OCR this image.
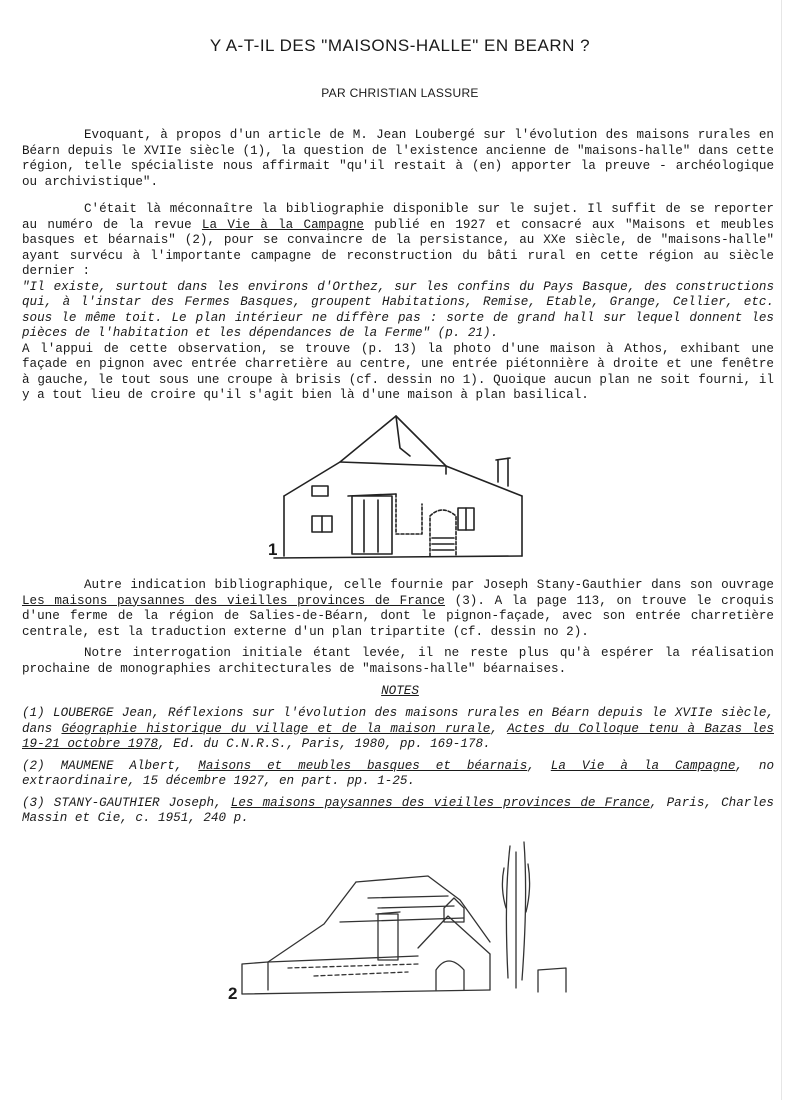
Y A-T-IL DES "MAISONS-HALLE" EN BEARN ?
PAR CHRISTIAN LASSURE

Evoquant, à propos d'un article de M. Jean Loubergé sur l'évolution des maisons rurales en Béarn depuis le XVIIe siècle (1), la question de l'existence ancienne de "maisons-halle" dans cette région, telle spécialiste nous affirmait "qu'il restait à (en) apporter la preuve - archéologique ou archivistique".

C'était là méconnaître la bibliographie disponible sur le sujet. Il suffit de se reporter au numéro de la revue La Vie à la Campagne publié en 1927 et consacré aux "Maisons et meubles basques et béarnais" (2), pour se convaincre de la persistance, au XXe siècle, de "maisons-halle" ayant survécu à l'importante campagne de reconstruction du bâti rural en cette région au siècle dernier :

"Il existe, surtout dans les environs d'Orthez, sur les confins du Pays Basque, des constructions qui, à l'instar des Fermes Basques, groupent Habitations, Remise, Etable, Grange, Cellier, etc. sous le même toit. Le plan intérieur ne diffère pas : sorte de grand hall sur lequel donnent les pièces de l'habitation et les dépendances de la Ferme" (p. 21).

A l'appui de cette observation, se trouve (p. 13) la photo d'une maison à Athos, exhibant une façade en pignon avec entrée charretière au centre, une entrée piétonnière à droite et une fenêtre à gauche, le tout sous une croupe à brisis (cf. dessin no 1). Quoique aucun plan ne soit fourni, il y a tout lieu de croire qu'il s'agit bien là d'une maison à plan basilical.

1

Autre indication bibliographique, celle fournie par Joseph Stany-Gauthier dans son ouvrage Les maisons paysannes des vieilles provinces de France (3). A la page 113, on trouve le croquis d'une ferme de la région de Salies-de-Béarn, dont le pignon-façade, avec son entrée charretière centrale, est la traduction externe d'un plan tripartite (cf. dessin no 2).

Notre interrogation initiale étant levée, il ne reste plus qu'à espérer la réalisation prochaine de monographies architecturales de "maisons-halle" béarnaises.

NOTES

(1) LOUBERGE Jean, Réflexions sur l'évolution des maisons rurales en Béarn depuis le XVIIe siècle, dans Géographie historique du village et de la maison rurale, Actes du Colloque tenu à Bazas les 19-21 octobre 1978, Ed. du C.N.R.S., Paris, 1980, pp. 169-178.

(2) MAUMENE Albert, Maisons et meubles basques et béarnais, La Vie à la Campagne, no extraordinaire, 15 décembre 1927, en part. pp. 1-25.

(3) STANY-GAUTHIER Joseph, Les maisons paysannes des vieilles provinces de France, Paris, Charles Massin et Cie, c. 1951, 240 p.

2
